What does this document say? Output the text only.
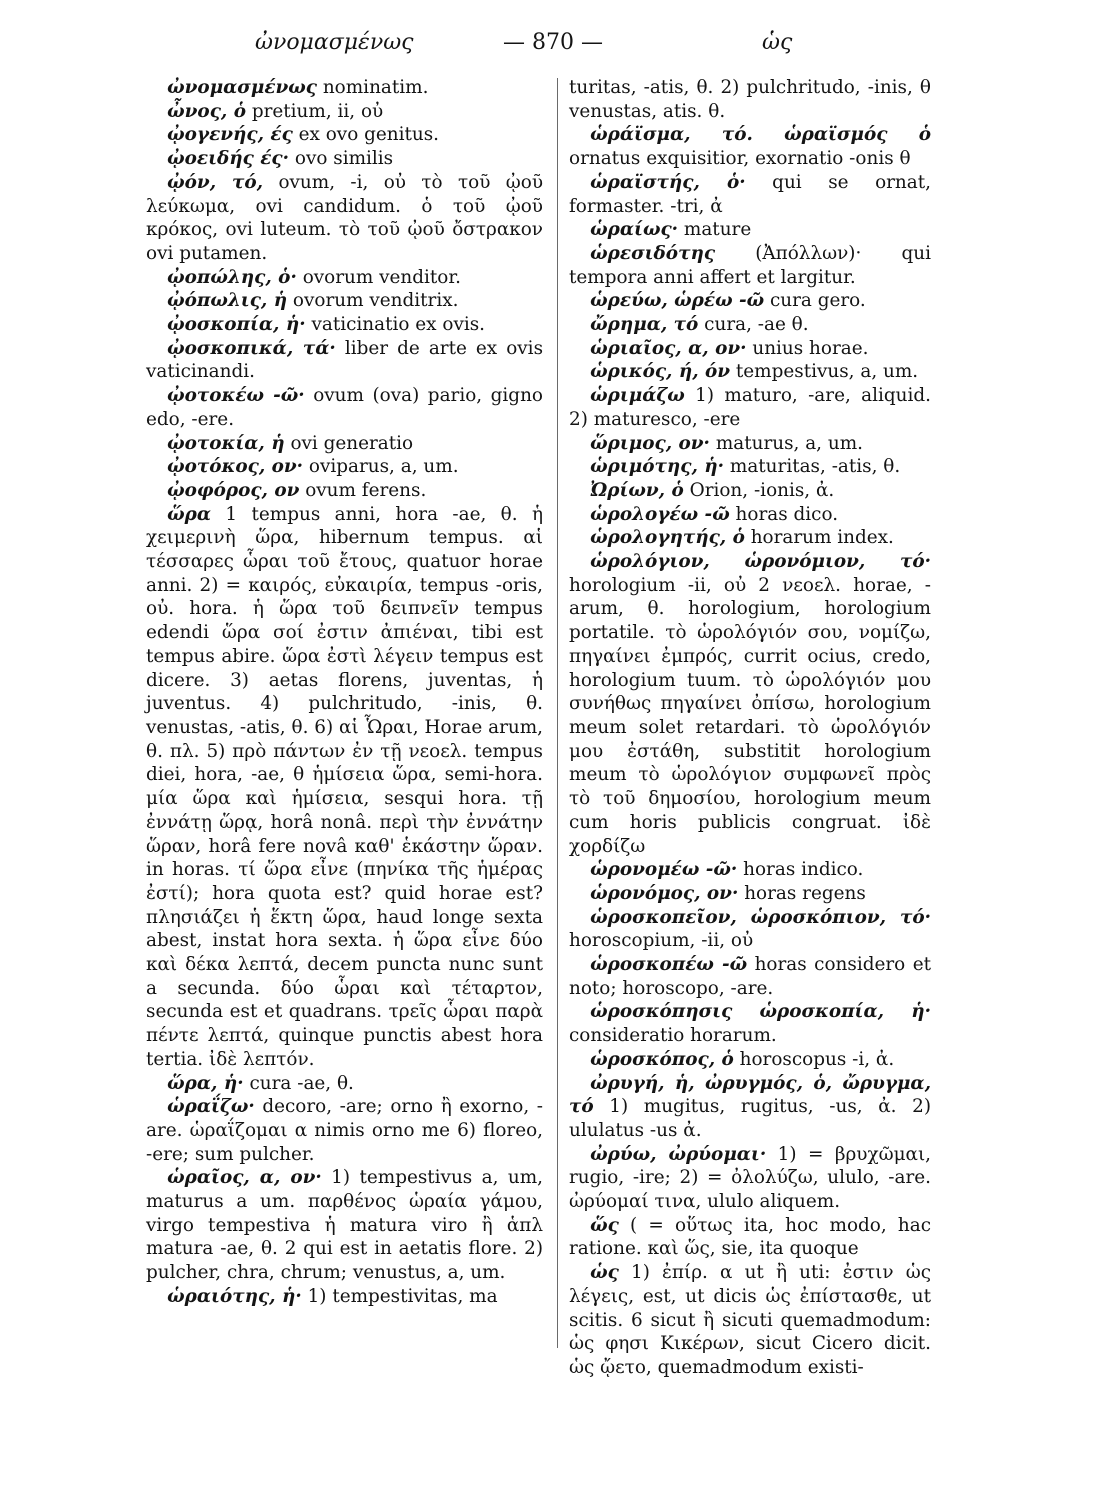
ὠνομασμένως	— 870 —	ὡς

ὠνομασμένως nominatim.

ὦνος, ὁ pretium, ii, οὐ

ᾠογενής, ές ex ovo genitus.

ᾠοειδής ές· ovo similis

ᾠόν, τό, ovum, -i, οὐ τὸ τοῦ ᾠοῦ λεύκωμα, ovi candidum. ὁ τοῦ ᾠοῦ κρόκος, ovi luteum. τὸ τοῦ ᾠοῦ ὄστρακον ovi putamen.

ᾠοπώλης, ὁ· ovorum venditor.

ᾠόπωλις, ἡ ovorum venditrix.

ᾠοσκοπία, ἡ· vaticinatio ex ovis.

ᾠοσκοπικά, τά· liber de arte ex ovis vaticinandi.

ᾠοτοκέω -ῶ· ovum (ova) pario, gigno edo, -ere.

ᾠοτοκία, ἡ ovi generatio

ᾠοτόκος, ον· oviparus, a, um.

ᾠοφόρος, ον ovum ferens.

ὥρα 1 tempus anni, hora -ae, θ. ἡ χειμερινὴ ὥρα, hibernum tempus. αἱ τέσσαρες ὧραι τοῦ ἔτους, quatuor horae anni. 2) = καιρός, εὐκαιρία, tempus -oris, οὐ. hora. ἡ ὥρα τοῦ δειπνεῖν tempus edendi ὥρα σοί ἐστιν ἀπιέναι, tibi est tempus abire. ὥρα ἐστὶ λέγειν tempus est dicere. 3) aetas florens, juventas, ἡ juventus. 4) pulchritudo, -inis, θ. venustas, -atis, θ. 6) αἱ Ὧραι, Horae arum, θ. πλ. 5) πρὸ πάντων ἐν τῇ νεοελ. tempus diei, hora, -ae, θ ἡμίσεια ὥρα, semi-hora. μία ὥρα καὶ ἡμίσεια, sesqui hora. τῇ ἐννάτῃ ὥρᾳ, horâ nonâ. περὶ τὴν ἐννάτην ὥραν, horâ fere novâ καθ' ἑκάστην ὥραν. in horas. τί ὥρα εἶνε (πηνίκα τῆς ἡμέρας ἐστί); hora quota est? quid horae est? πλησιάζει ἡ ἕκτη ὥρα, haud longe sexta abest, instat hora sexta. ἡ ὥρα εἶνε δύο καὶ δέκα λεπτά, decem puncta nunc sunt a secunda. δύο ὧραι καὶ τέταρτον, secunda est et quadrans. τρεῖς ὧραι παρὰ πέντε λεπτά, quinque punctis abest hora tertia. ἰδὲ λεπτόν.

ὥρα, ἡ· cura -ae, θ.

ὡραΐζω· decoro, -are; orno ἢ exorno, -are. ὡραΐζομαι α nimis orno me 6) floreo, -ere; sum pulcher.

ὡραῖος, α, ον· 1) tempestivus a, um, maturus a um. παρθένος ὡραία γάμου, virgo tempestiva ἡ matura viro ἢ ἁπλ matura -ae, θ. 2 qui est in aetatis flore. 2) pulcher, chra, chrum; venustus, a, um.

ὡραιότης, ἡ· 1) tempestivitas, ma

turitas, -atis, θ. 2) pulchritudo, -inis, θ venustas, atis. θ.

ὡράϊσμα, τό. ὡραϊσμός ὁ ornatus exquisitior, exornatio -onis θ

ὡραϊστής, ὁ· qui se ornat, formaster. -tri, ἀ

ὡραίως· mature

ὡρεσιδότης (Ἀπόλλων)· qui tempora anni affert et largitur.

ὡρεύω, ὡρέω -ῶ cura gero.

ὤρημα, τό cura, -ae θ.

ὡριαῖος, α, ον· unius horae.

ὡρικός, ή, όν tempestivus, a, um.

ὡριμάζω 1) maturo, -are, aliquid. 2) maturesco, -ere

ὥριμος, ον· maturus, a, um.

ὡριμότης, ἡ· maturitas, -atis, θ.

Ὠρίων, ὁ Orion, -ionis, ἀ.

ὡρολογέω -ῶ horas dico.

ὡρολογητής, ὁ horarum index.

ὡρολόγιον, ὡρονόμιον, τό· horologium -ii, οὐ 2 νεοελ. horae, -arum, θ. horologium, horologium portatile. τὸ ὡρολόγιόν σου, νομίζω, πηγαίνει ἐμπρός, currit ocius, credo, horologium tuum. τὸ ὡρολόγιόν μου συνήθως πηγαίνει ὀπίσω, horologium meum solet retardari. τὸ ὡρολόγιόν μου ἐστάθη, substitit horologium meum τὸ ὡρολόγιον συμφωνεῖ πρὸς τὸ τοῦ δημοσίου, horologium meum cum horis publicis congruat. ἰδὲ χορδίζω

ὡρονομέω -ῶ· horas indico.

ὡρονόμος, ον· horas regens

ὡροσκοπεῖον, ὡροσκόπιον, τό· horoscopium, -ii, οὐ

ὡροσκοπέω -ῶ horas considero et noto; horoscopo, -are.

ὡροσκόπησις ὡροσκοπία, ἡ· consideratio horarum.

ὡροσκόπος, ὁ horoscopus -i, ἀ.

ὠρυγή, ἡ, ὠρυγμός, ὁ, ὤρυγμα, τό 1) mugitus, rugitus, -us, ἀ. 2) ululatus -us ἀ.

ὠρύω, ὠρύομαι· 1) = βρυχῶμαι, rugio, -ire; 2) = ὀλολύζω, ululo, -are. ὠρύομαί τινα, ululo aliquem.

ὥς ( = οὕτως ita, hoc modo, hac ratione. καὶ ὥς, sie, ita quoque

ὡς 1) ἐπίρ. α ut ἢ uti: ἐστιν ὡς λέγεις, est, ut dicis ὡς ἐπίστασθε, ut scitis. 6 sicut ἢ sicuti quemadmodum: ὡς φησι Κικέρων, sicut Cicero dicit. ὡς ᾤετο, quemadmodum existi-
